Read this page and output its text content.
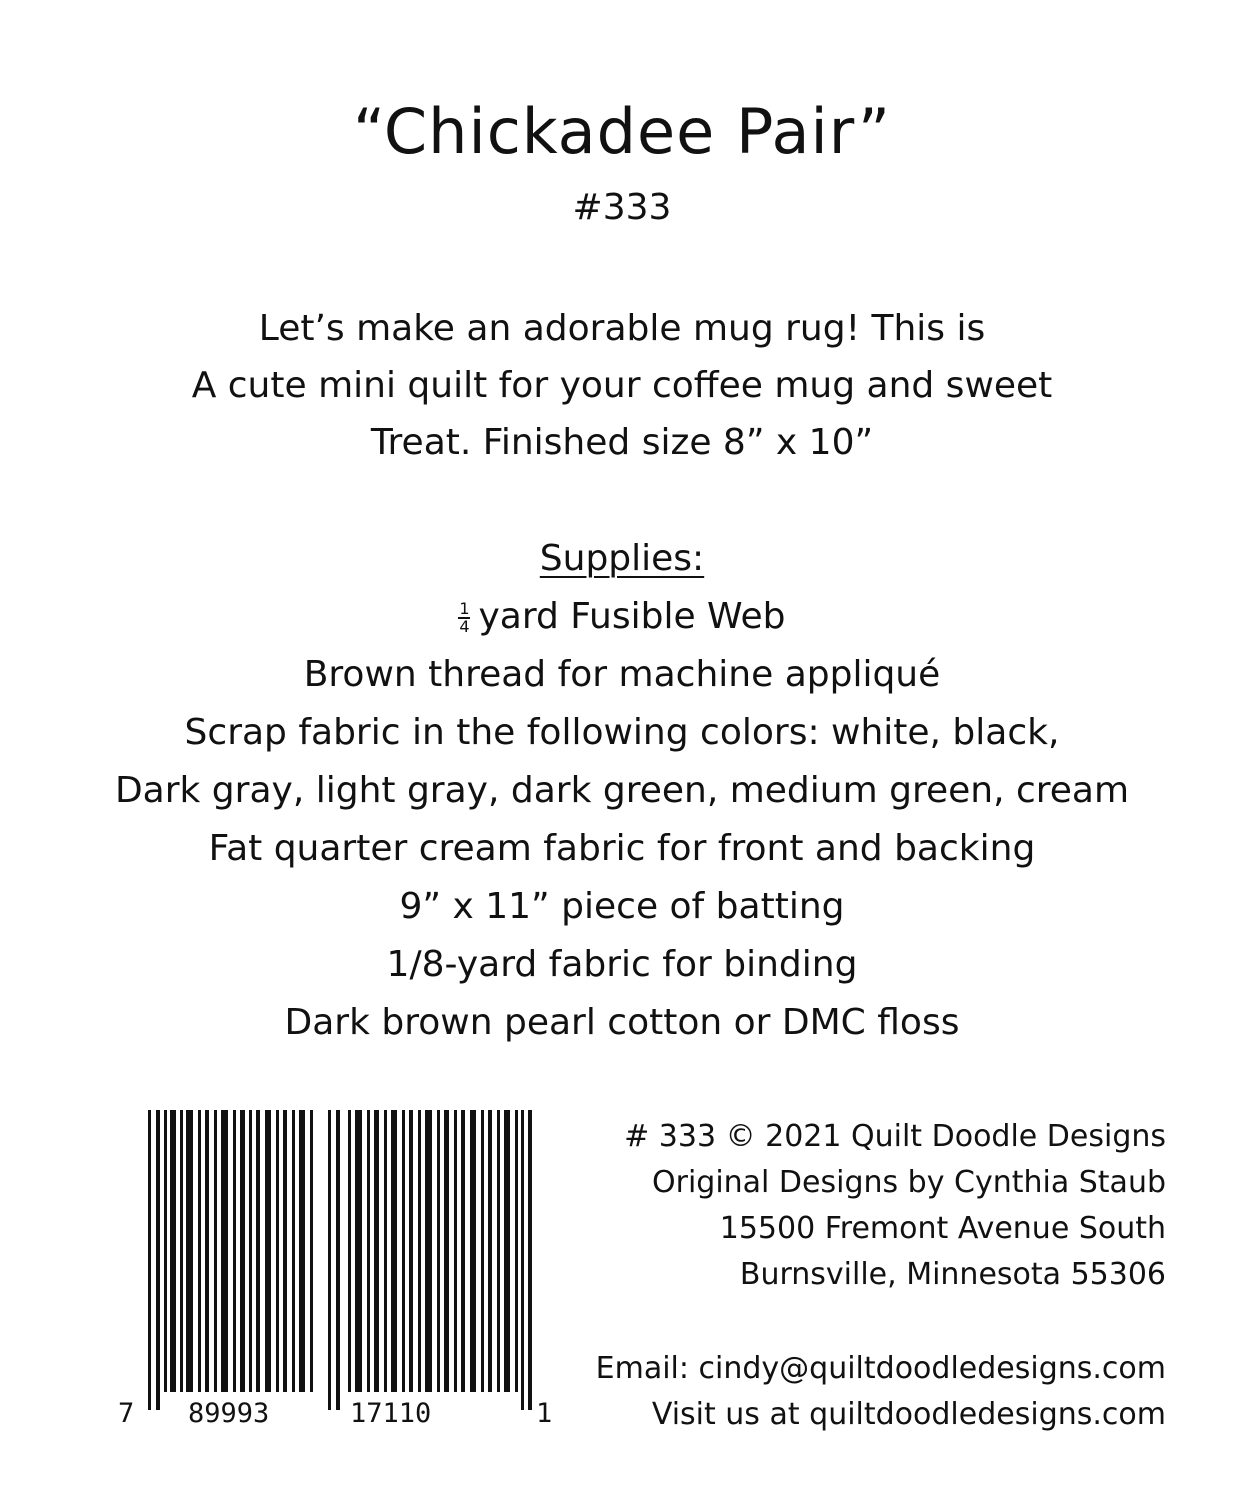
“Chickadee Pair”
#333
Let’s make an adorable mug rug! This is
A cute mini quilt for your coffee mug and sweet
Treat. Finished size 8” x 10”
Supplies:
$\frac{1}{4}$ yard Fusible Web
Brown thread for machine appliqué
Scrap fabric in the following colors: white, black,
Dark gray, light gray, dark green, medium green, cream
Fat quarter cream fabric for front and backing
9” x 11” piece of batting
1/8-yard fabric for binding
Dark brown pearl cotton or DMC floss
7 89993	17110	1
# 333 © 2021 Quilt Doodle Designs
Original Designs by Cynthia Staub
15500 Fremont Avenue South
Burnsville, Minnesota 55306
Email: cindy@quiltdoodledesigns.com
Visit us at quiltdoodledesigns.com
